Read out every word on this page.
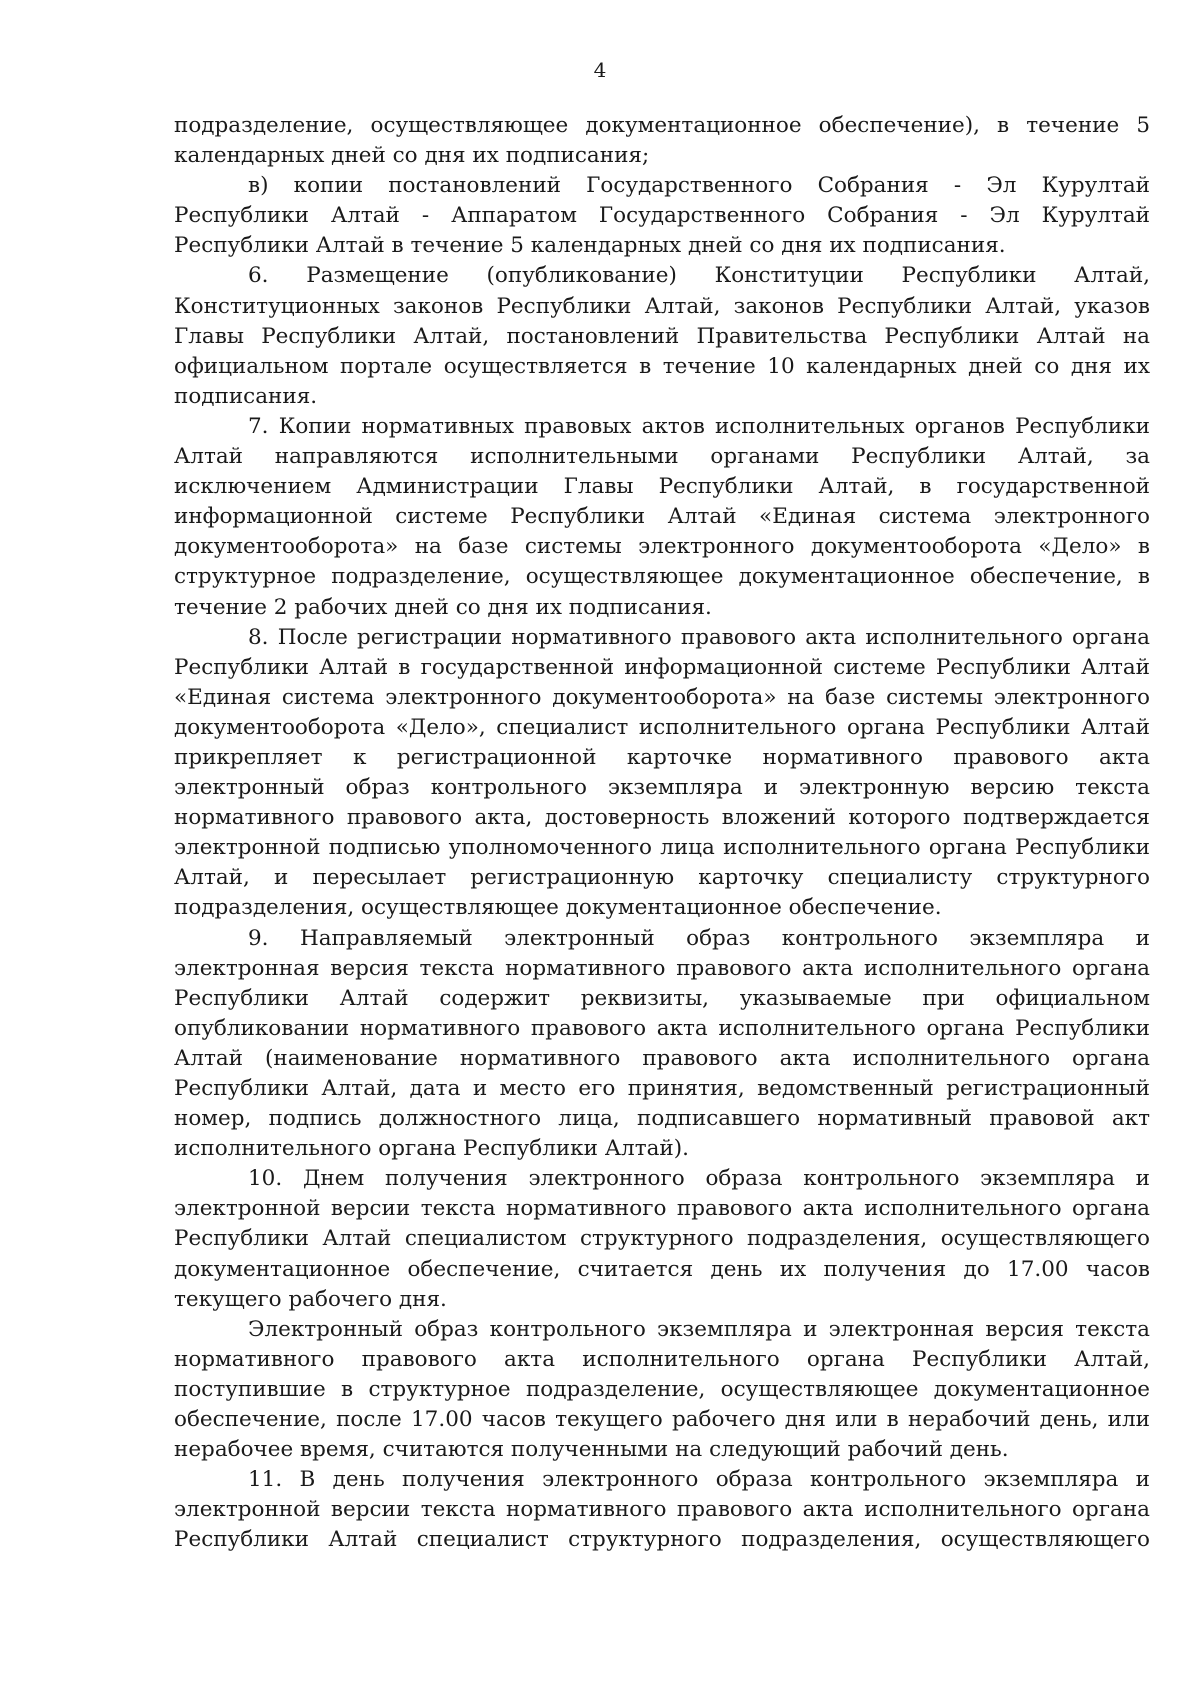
4

подразделение, осуществляющее документационное обеспечение), в течение 5 календарных дней со дня их подписания;

в) копии постановлений Государственного Собрания - Эл Курултай Республики Алтай - Аппаратом Государственного Собрания - Эл Курултай Республики Алтай в течение 5 календарных дней со дня их подписания.

6. Размещение (опубликование) Конституции Республики Алтай, Конституционных законов Республики Алтай, законов Республики Алтай, указов Главы Республики Алтай, постановлений Правительства Республики Алтай на официальном портале осуществляется в течение 10 календарных дней со дня их подписания.

7. Копии нормативных правовых актов исполнительных органов Республики Алтай направляются исполнительными органами Республики Алтай, за исключением Администрации Главы Республики Алтай, в государственной информационной системе Республики Алтай «Единая система электронного документооборота» на базе системы электронного документооборота «Дело» в структурное подразделение, осуществляющее документационное обеспечение, в течение 2 рабочих дней со дня их подписания.

8. После регистрации нормативного правового акта исполнительного органа Республики Алтай в государственной информационной системе Республики Алтай «Единая система электронного документооборота» на базе системы электронного документооборота «Дело», специалист исполнительного органа Республики Алтай прикрепляет к регистрационной карточке нормативного правового акта электронный образ контрольного экземпляра и электронную версию текста нормативного правового акта, достоверность вложений которого подтверждается электронной подписью уполномоченного лица исполнительного органа Республики Алтай, и пересылает регистрационную карточку специалисту структурного подразделения, осуществляющее документационное обеспечение.

9. Направляемый электронный образ контрольного экземпляра и электронная версия текста нормативного правового акта исполнительного органа Республики Алтай содержит реквизиты, указываемые при официальном опубликовании нормативного правового акта исполнительного органа Республики Алтай (наименование нормативного правового акта исполнительного органа Республики Алтай, дата и место его принятия, ведомственный регистрационный номер, подпись должностного лица, подписавшего нормативный правовой акт исполнительного органа Республики Алтай).

10. Днем получения электронного образа контрольного экземпляра и электронной версии текста нормативного правового акта исполнительного органа Республики Алтай специалистом структурного подразделения, осуществляющего документационное обеспечение, считается день их получения до 17.00 часов текущего рабочего дня.

Электронный образ контрольного экземпляра и электронная версия текста нормативного правового акта исполнительного органа Республики Алтай, поступившие в структурное подразделение, осуществляющее документационное обеспечение, после 17.00 часов текущего рабочего дня или в нерабочий день, или нерабочее время, считаются полученными на следующий рабочий день.

11. В день получения электронного образа контрольного экземпляра и электронной версии текста нормативного правового акта исполнительного органа Республики Алтай специалист структурного подразделения, осуществляющего
